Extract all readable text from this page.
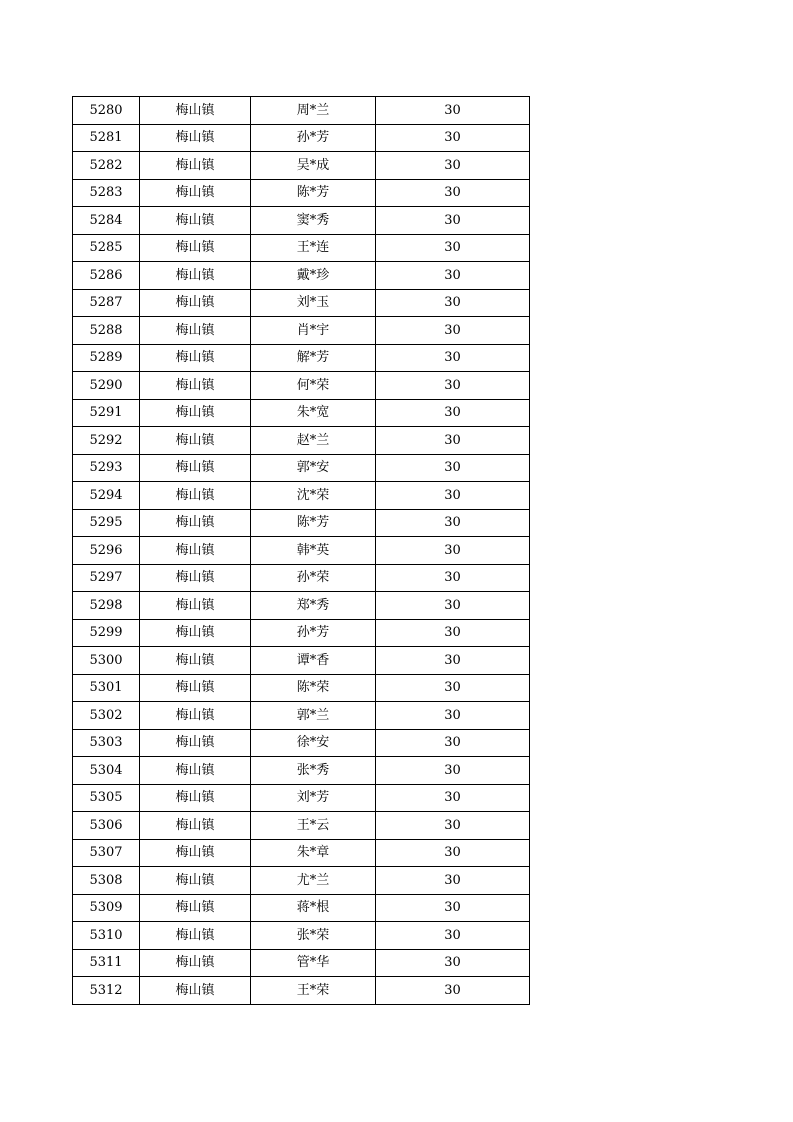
5280	梅山镇	周*兰	30
5281	梅山镇	孙*芳	30
5282	梅山镇	吴*成	30
5283	梅山镇	陈*芳	30
5284	梅山镇	窦*秀	30
5285	梅山镇	王*连	30
5286	梅山镇	戴*珍	30
5287	梅山镇	刘*玉	30
5288	梅山镇	肖*宇	30
5289	梅山镇	解*芳	30
5290	梅山镇	何*荣	30
5291	梅山镇	朱*宽	30
5292	梅山镇	赵*兰	30
5293	梅山镇	郭*安	30
5294	梅山镇	沈*荣	30
5295	梅山镇	陈*芳	30
5296	梅山镇	韩*英	30
5297	梅山镇	孙*荣	30
5298	梅山镇	郑*秀	30
5299	梅山镇	孙*芳	30
5300	梅山镇	谭*香	30
5301	梅山镇	陈*荣	30
5302	梅山镇	郭*兰	30
5303	梅山镇	徐*安	30
5304	梅山镇	张*秀	30
5305	梅山镇	刘*芳	30
5306	梅山镇	王*云	30
5307	梅山镇	朱*章	30
5308	梅山镇	尤*兰	30
5309	梅山镇	蒋*根	30
5310	梅山镇	张*荣	30
5311	梅山镇	管*华	30
5312	梅山镇	王*荣	30
